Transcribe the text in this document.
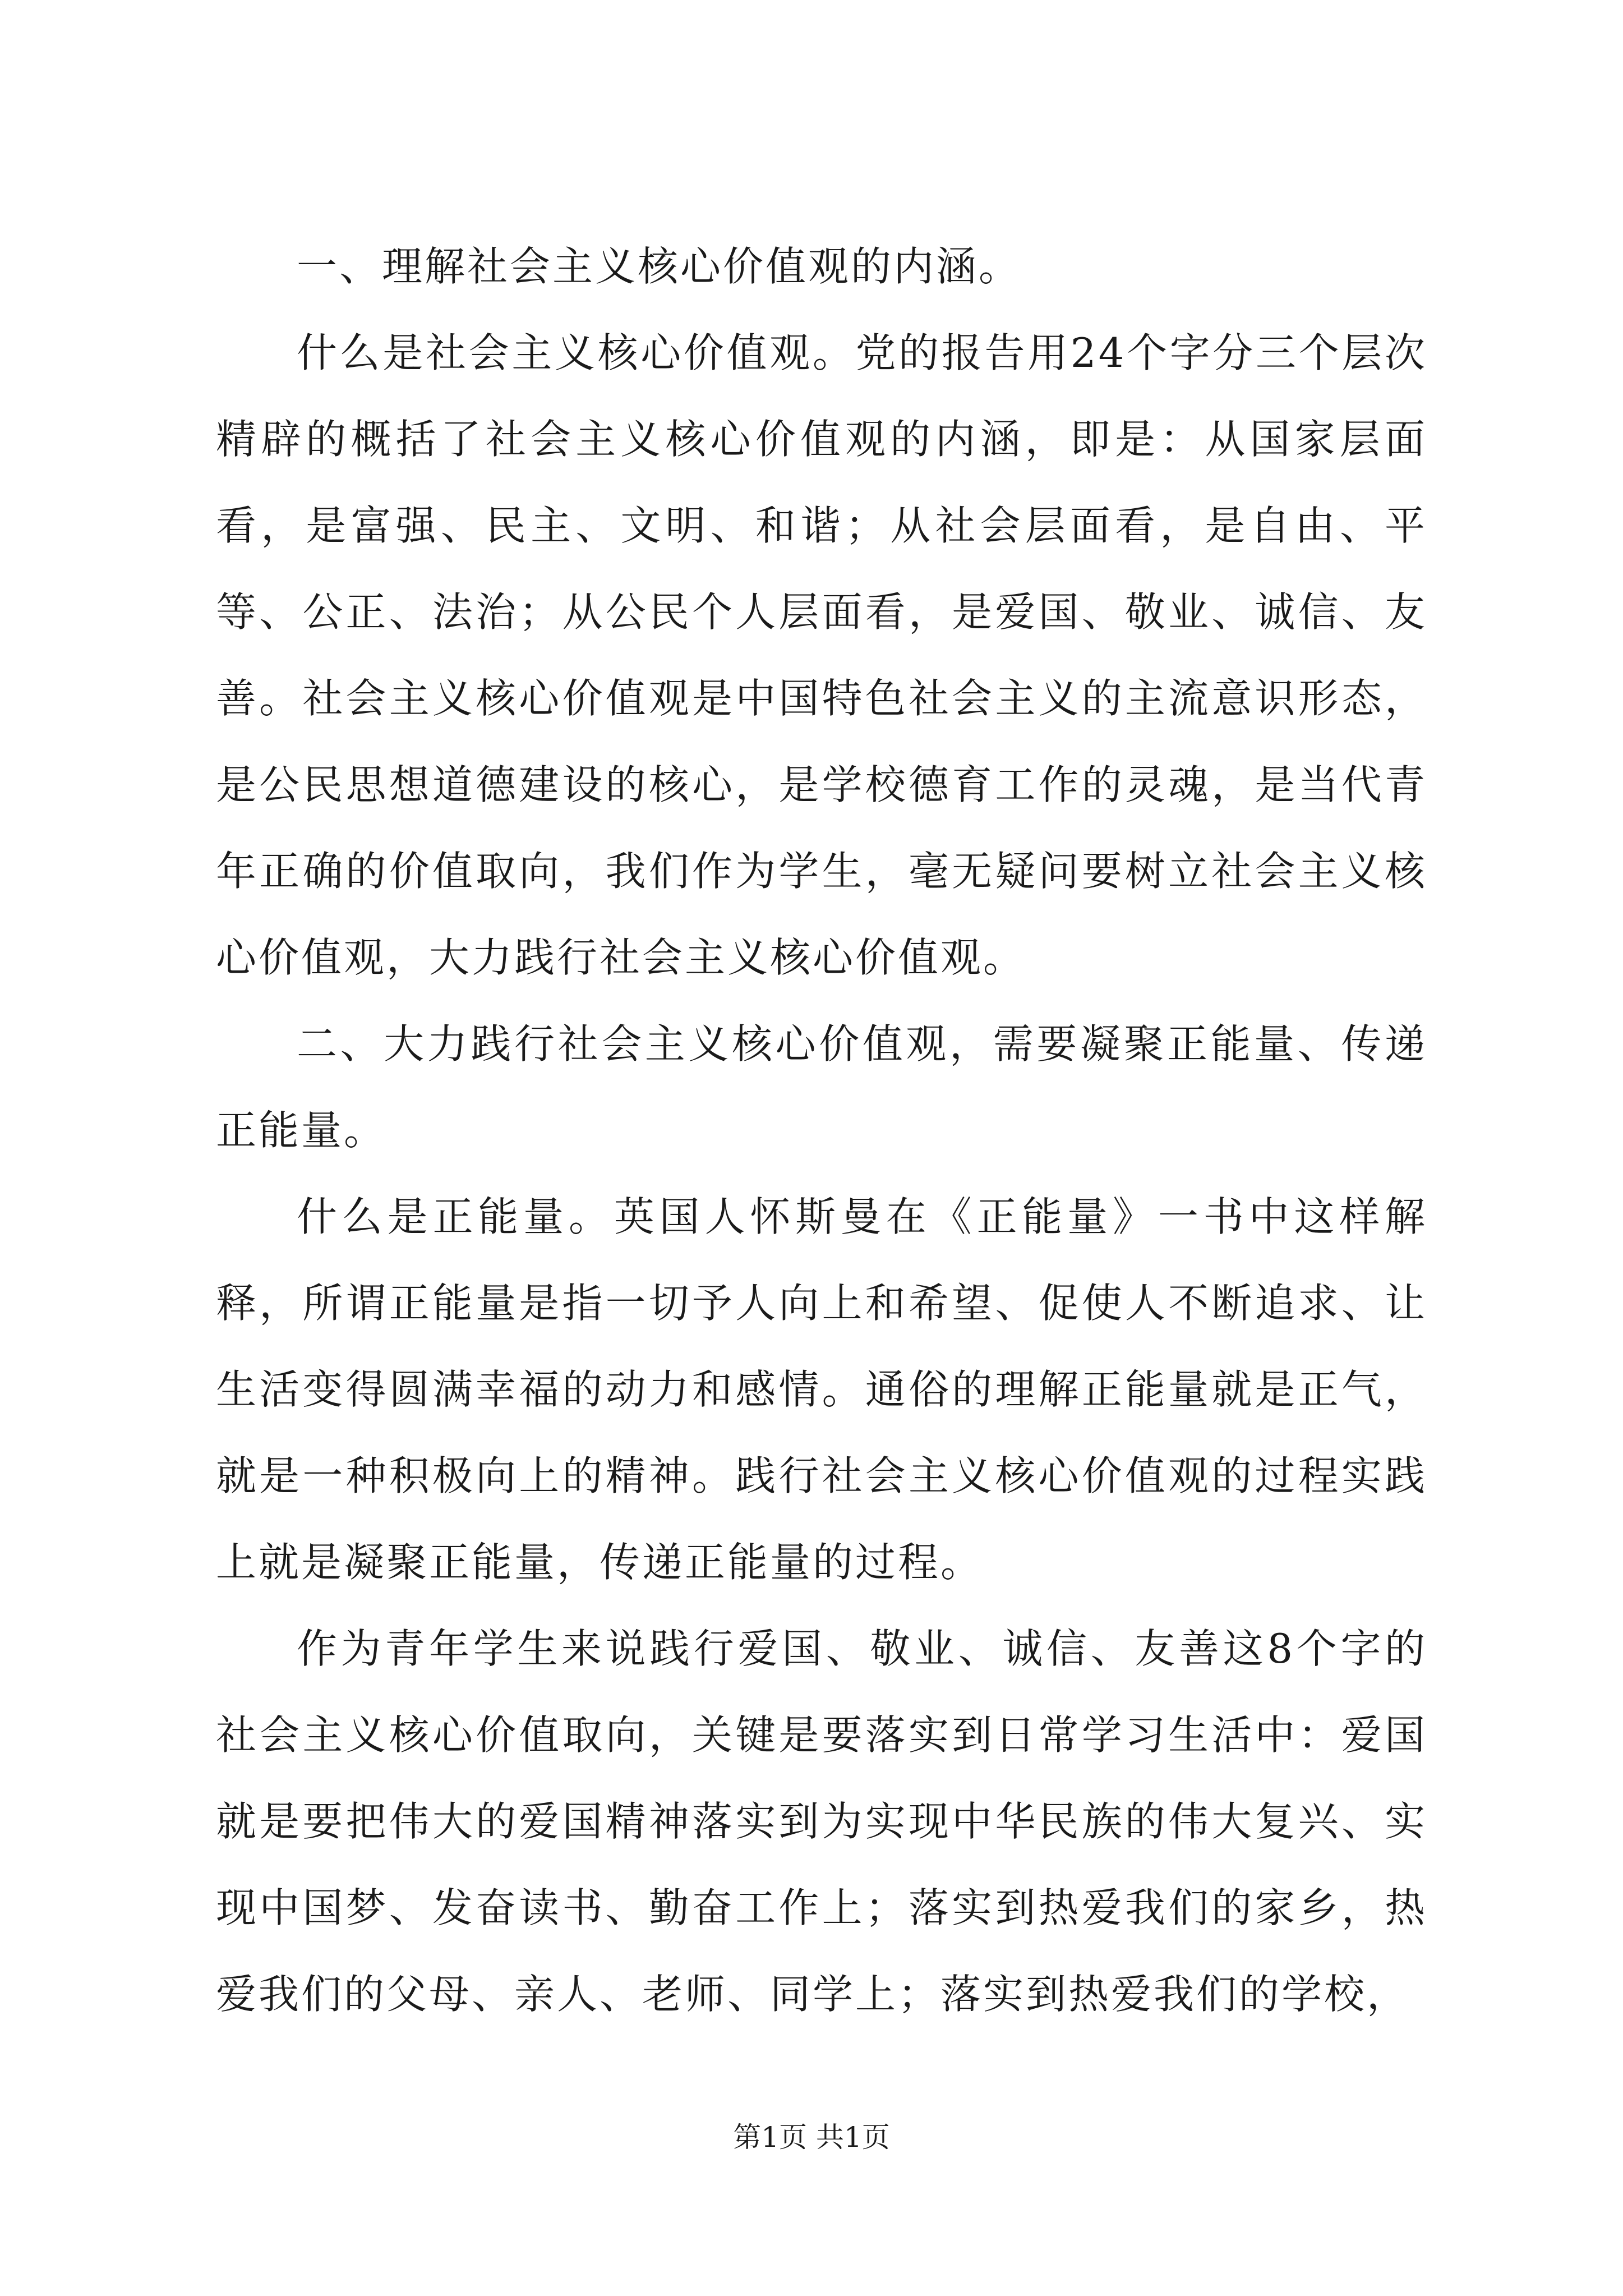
一、理解社会主义核心价值观的内涵。

什么是社会主义核心价值观。党的报告用24个字分三个层次精辟的概括了社会主义核心价值观的内涵，即是：从国家层面看，是富强、民主、文明、和谐；从社会层面看，是自由、平等、公正、法治；从公民个人层面看，是爱国、敬业、诚信、友善。社会主义核心价值观是中国特色社会主义的主流意识形态，是公民思想道德建设的核心，是学校德育工作的灵魂，是当代青年正确的价值取向，我们作为学生，毫无疑问要树立社会主义核心价值观，大力践行社会主义核心价值观。

二、大力践行社会主义核心价值观，需要凝聚正能量、传递正能量。

什么是正能量。英国人怀斯曼在《正能量》一书中这样解释，所谓正能量是指一切予人向上和希望、促使人不断追求、让生活变得圆满幸福的动力和感情。通俗的理解正能量就是正气，就是一种积极向上的精神。践行社会主义核心价值观的过程实践上就是凝聚正能量，传递正能量的过程。

作为青年学生来说践行爱国、敬业、诚信、友善这8个字的社会主义核心价值取向，关键是要落实到日常学习生活中：爱国就是要把伟大的爱国精神落实到为实现中华民族的伟大复兴、实现中国梦、发奋读书、勤奋工作上；落实到热爱我们的家乡，热爱我们的父母、亲人、老师、同学上；落实到热爱我们的学校，

第1页 共1页
